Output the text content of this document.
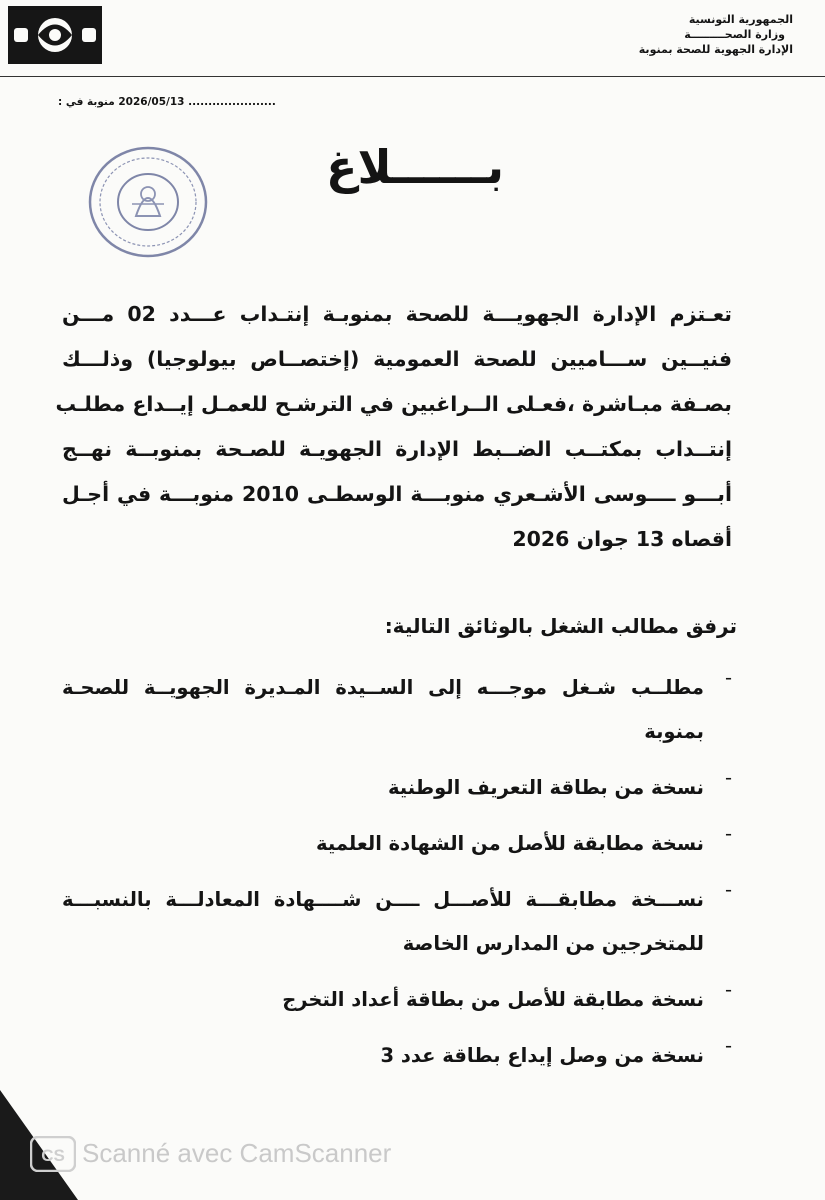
الجمهورية التونسية
وزارة الصحـــــــــة
الإدارة الجهوية للصحة بمنوبة
منوبة في : 2026/05/13 ......................
بــــــلاغ
تعـتزم الإدارة الجهويـــة للصحة بمنوبـة إنتـداب عـــدد 02 مـــن
فنيــين ســـاميين للصحة العمومية (إختصــاص بيولوجيا) وذلـــك
بصـفة مبـاشرة ،فعـلى الــراغبين في الترشـح للعمـل إيــداع مطلـب
إنتــداب بمكتــب الضــبط الإدارة الجهويـة للصـحة بمنوبــة نهــج
أبـــو ــــوسى الأشـعري منوبـــة الوسطـى 2010 منوبـــة في أجـل
أقصاه 13 جوان 2026
ترفق مطالب الشغل بالوثائق التالية:
-
مطلــب شـغل موجـــه إلى الســيدة المـديرة الجهويــة للصحـة
بمنوبة
-
نسخة من بطاقة التعريف الوطنية
-
نسخة مطابقة للأصل من الشهادة العلمية
-
نســـخة مطابقـــة للأصـــل ــــن شــــهادة المعادلـــة بالنسبـــة
للمتخرجين من المدارس الخاصة
-
نسخة مطابقة للأصل من بطاقة أعداد التخرج
-
نسخة من وصل إيداع بطاقة عدد 3
CS Scanné avec CamScanner
